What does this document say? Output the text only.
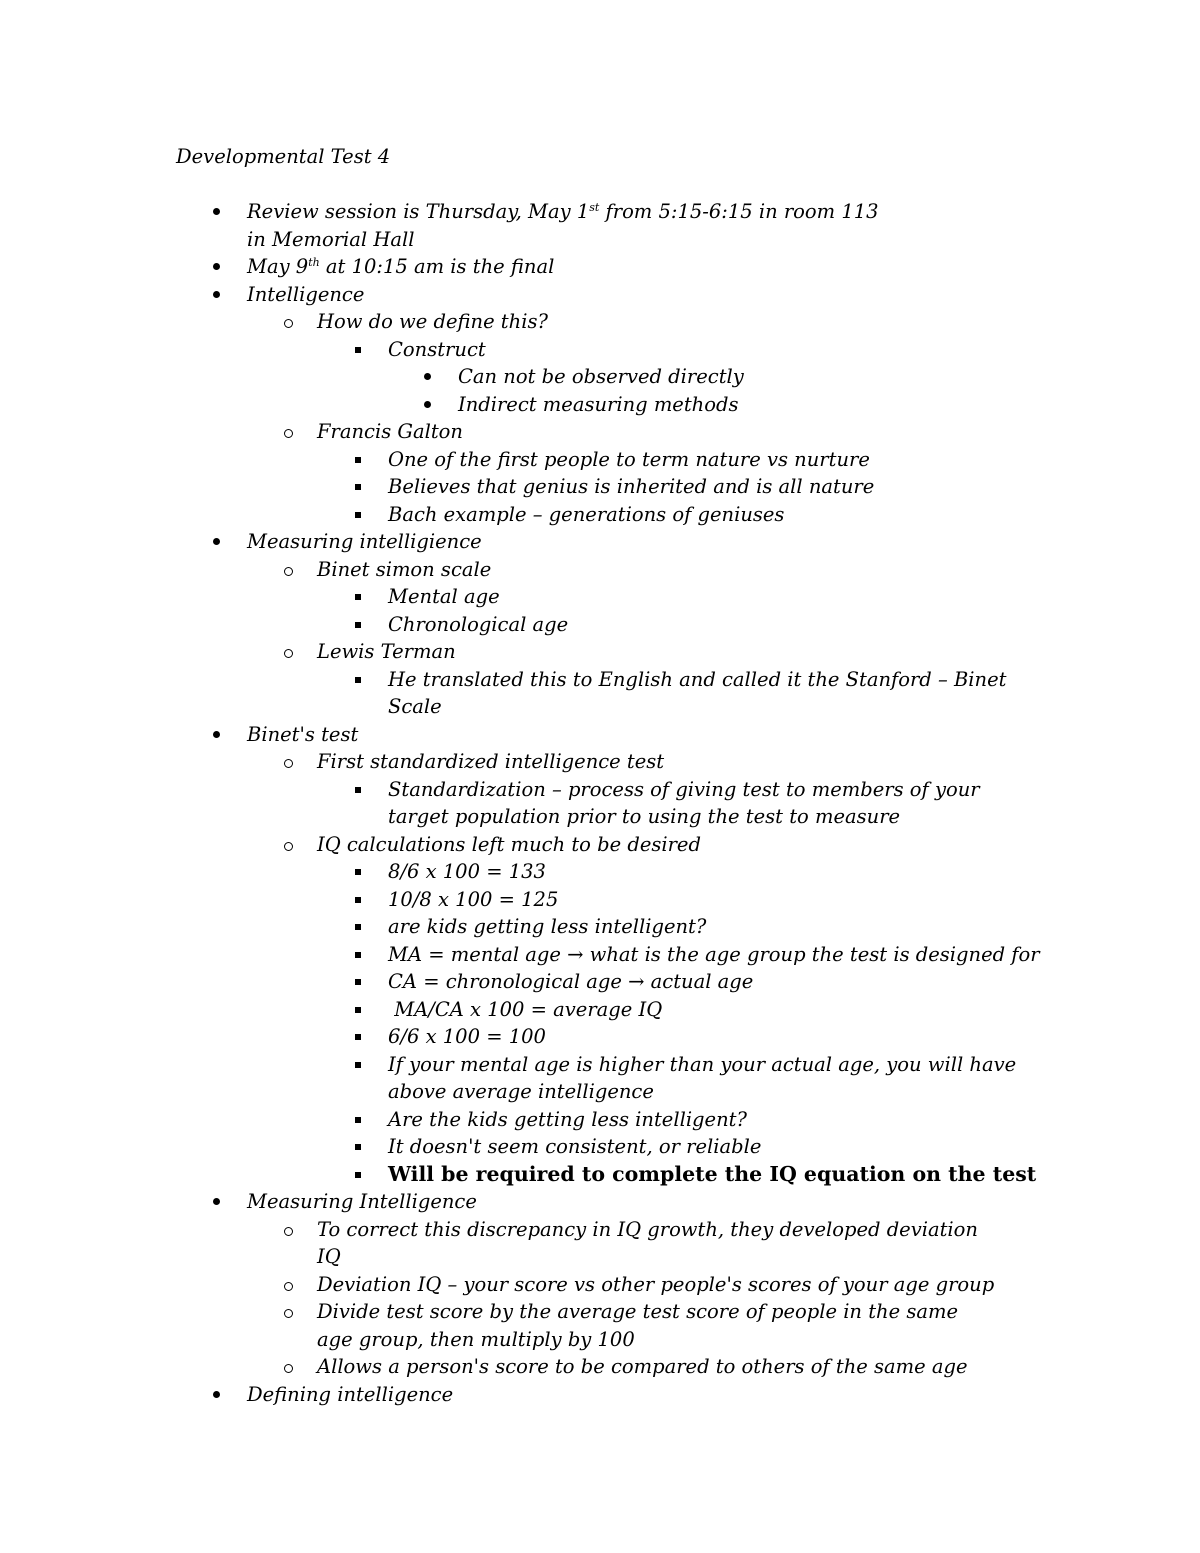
Developmental Test 4
Review session is Thursday, May 1st from 5:15-6:15 in room 113 in Memorial Hall
May 9th at 10:15 am is the final
Intelligence
How do we define this?
Construct
Can not be observed directly
Indirect measuring methods
Francis Galton
One of the first people to term nature vs nurture
Believes that genius is inherited and is all nature
Bach example – generations of geniuses
Measuring intelligience
Binet simon scale
Mental age
Chronological age
Lewis Terman
He translated this to English and called it the Stanford – Binet Scale
Binet's test
First standardized intelligence test
Standardization – process of giving test to members of your target population prior to using the test to measure
IQ calculations left much to be desired
8/6 x 100 = 133
10/8 x 100 = 125
are kids getting less intelligent?
MA = mental age → what is the age group the test is designed for
CA = chronological age → actual age
MA/CA x 100 = average IQ
6/6 x 100 = 100
If your mental age is higher than your actual age, you will have above average intelligence
Are the kids getting less intelligent?
It doesn't seem consistent, or reliable
Will be required to complete the IQ equation on the test
Measuring Intelligence
To correct this discrepancy in IQ growth, they developed deviation IQ
Deviation IQ – your score vs other people's scores of your age group
Divide test score by the average test score of people in the same age group, then multiply by 100
Allows a person's score to be compared to others of the same age
Defining intelligence
